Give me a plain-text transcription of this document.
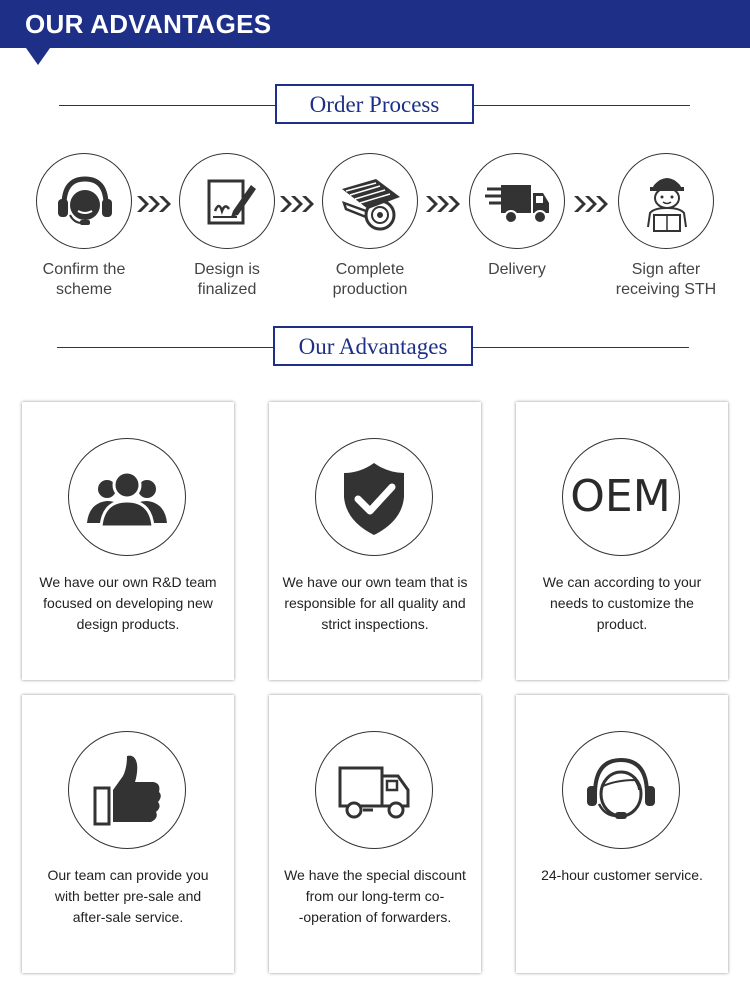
OUR ADVANTAGES
Order Process
Confirm the
scheme
Design is
finalized
Complete
production
Delivery	Sign after
receiving STH
Our Advantages
We have our own R&D team
focused on developing new
design products.
We have our own team that is
responsible for all quality and
strict inspections.
OEM
We can according to your
needs to customize the
product.
Our team can provide you
with better pre-sale and
after-sale service.
We have the special discount
from our long-term co-
-operation of forwarders.
24-hour customer service.
